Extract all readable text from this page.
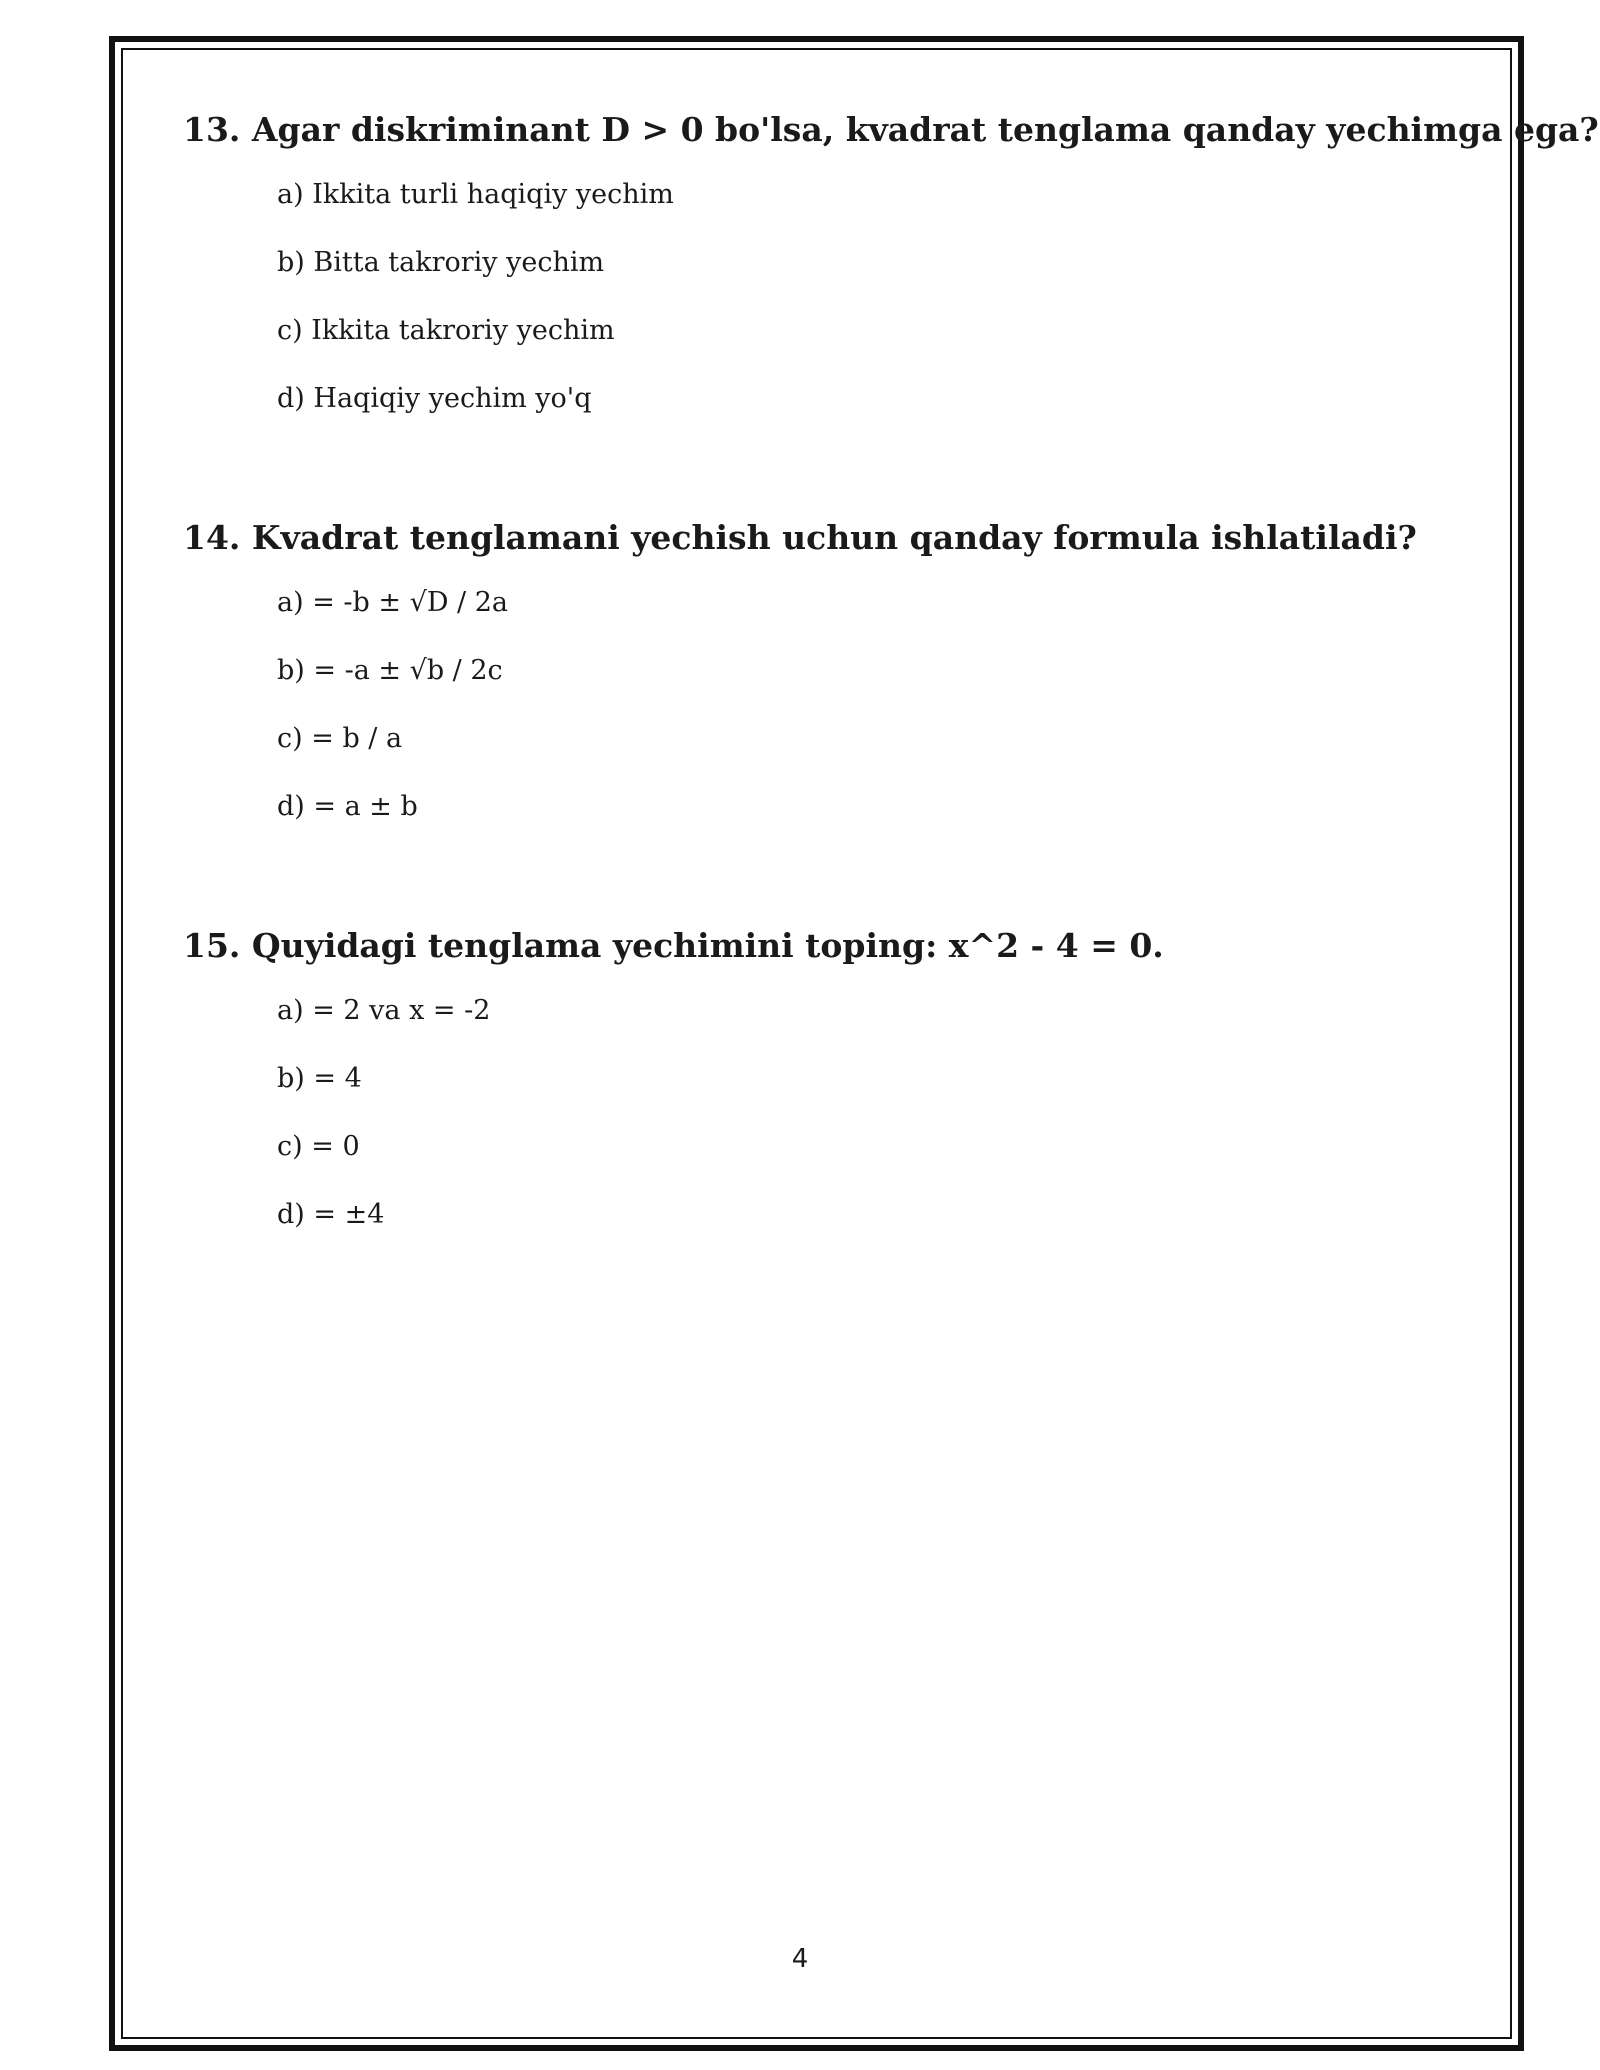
13. Agar diskriminant D > 0 bo'lsa, kvadrat tenglama qanday yechimga ega?
a) Ikkita turli haqiqiy yechim
b) Bitta takroriy yechim
c) Ikkita takroriy yechim
d) Haqiqiy yechim yo'q
14. Kvadrat tenglamani yechish uchun qanday formula ishlatiladi?
a) = -b ± √D / 2a
b) = -a ± √b / 2c
c) = b / a
d) = a ± b
15. Quyidagi tenglama yechimini toping: x^2 - 4 = 0.
a) = 2 va x = -2
b) = 4
c) = 0
d) = ±4
4
